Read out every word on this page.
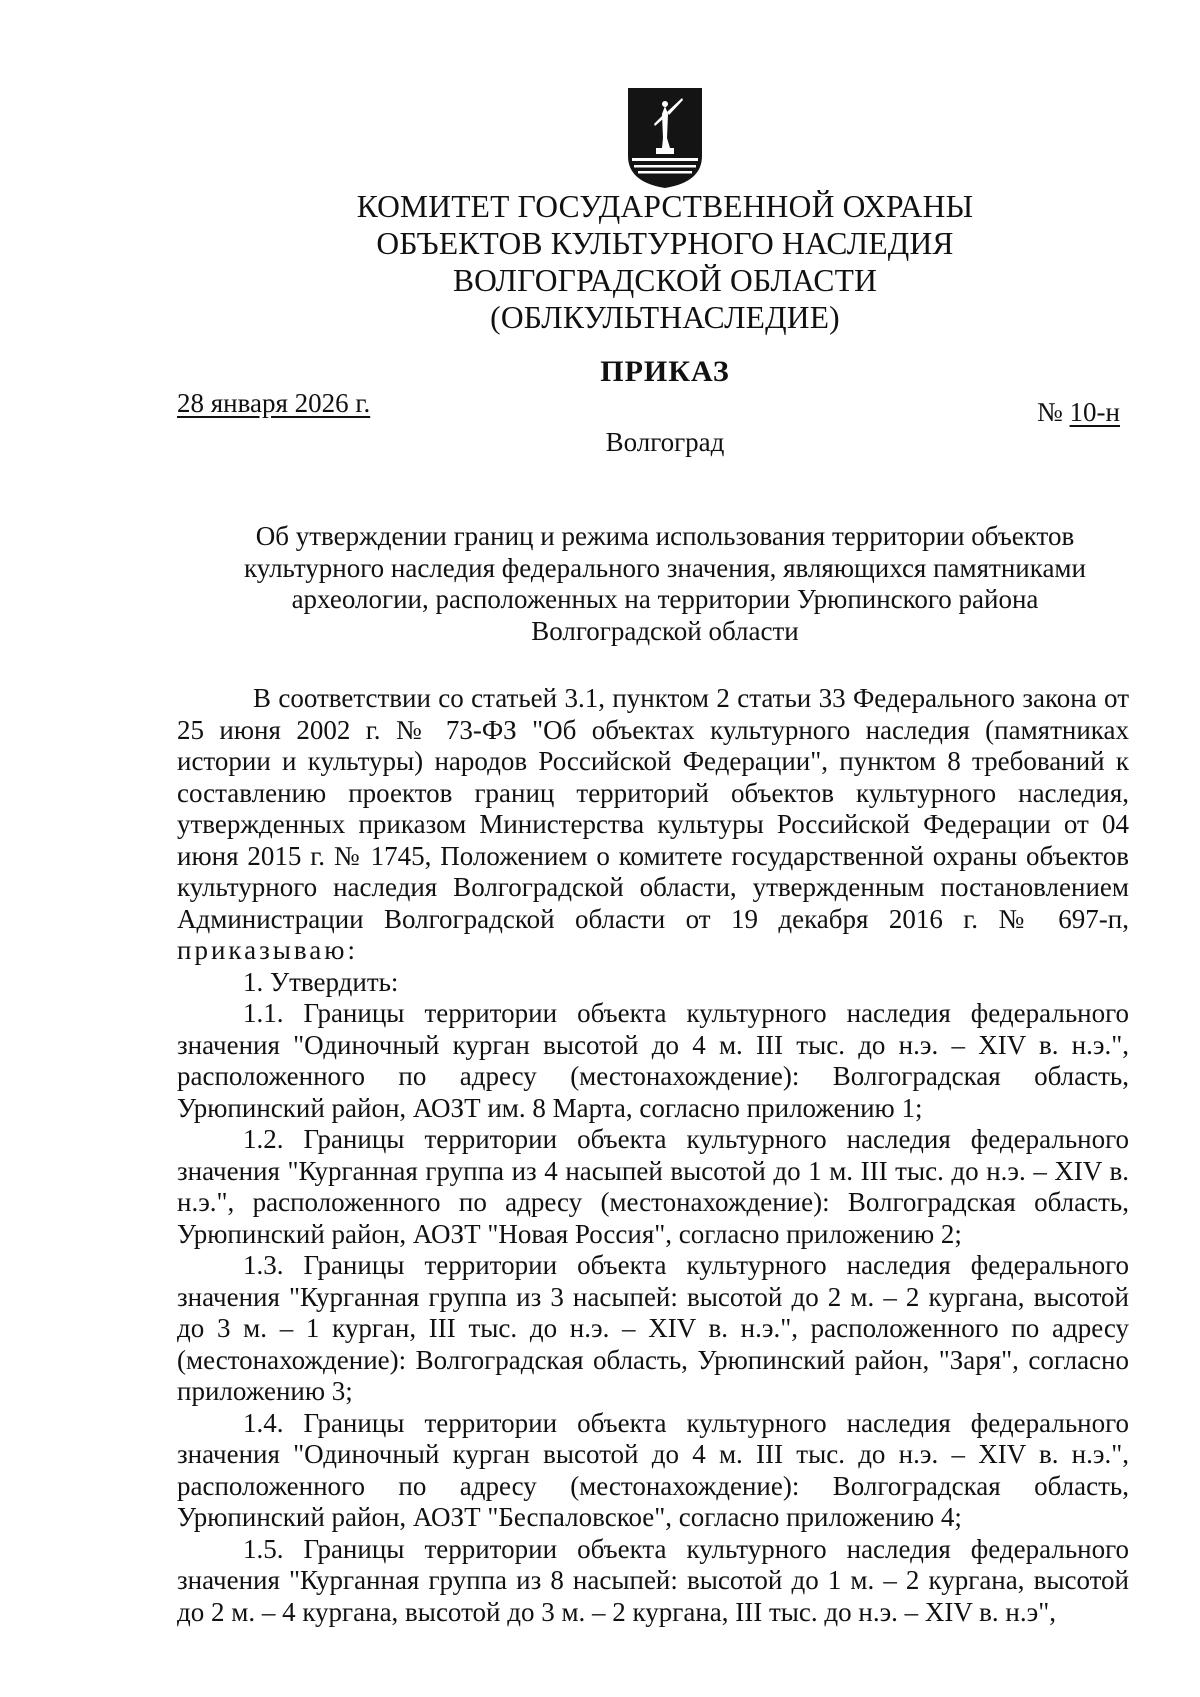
КОМИТЕТ ГОСУДАРСТВЕННОЙ ОХРАНЫ
ОБЪЕКТОВ КУЛЬТУРНОГО НАСЛЕДИЯ
ВОЛГОГРАДСКОЙ ОБЛАСТИ
(ОБЛКУЛЬТНАСЛЕДИЕ)
ПРИКАЗ
28 января 2026 г.	№ 10-н
Волгоград
Об утверждении границ и режима использования территории объектов
культурного наследия федерального значения, являющихся памятниками
археологии, расположенных на территории Урюпинского района
Волгоградской области

В соответствии со статьей 3.1, пунктом 2 статьи 33 Федерального закона от 25 июня 2002 г. № 73-ФЗ "Об объектах культурного наследия (памятниках истории и культуры) народов Российской Федерации", пунктом 8 требований к составлению проектов границ территорий объектов культурного наследия, утвержденных приказом Министерства культуры Российской Федерации от 04 июня 2015 г. № 1745, Положением о комитете государственной охраны объектов культурного наследия Волгоградской области, утвержденным постановлением Администрации Волгоградской области от 19 декабря 2016 г. № 697-п, приказываю:

1. Утвердить:

1.1. Границы территории объекта культурного наследия федерального значения "Одиночный курган высотой до 4 м. III тыс. до н.э. – XIV в. н.э.", расположенного по адресу (местонахождение): Волгоградская область, Урюпинский район, АОЗТ им. 8 Марта, согласно приложению 1;

1.2. Границы территории объекта культурного наследия федерального значения "Курганная группа из 4 насыпей высотой до 1 м. III тыс. до н.э. – XIV в. н.э.", расположенного по адресу (местонахождение): Волгоградская область, Урюпинский район, АОЗТ "Новая Россия", согласно приложению 2;

1.3. Границы территории объекта культурного наследия федерального значения "Курганная группа из 3 насыпей: высотой до 2 м. – 2 кургана, высотой до 3 м. – 1 курган, III тыс. до н.э. – XIV в. н.э.", расположенного по адресу (местонахождение): Волгоградская область, Урюпинский район, "Заря", согласно приложению 3;

1.4. Границы территории объекта культурного наследия федерального значения "Одиночный курган высотой до 4 м. III тыс. до н.э. – XIV в. н.э.", расположенного по адресу (местонахождение): Волгоградская область, Урюпинский район, АОЗТ "Беспаловское", согласно приложению 4;

1.5. Границы территории объекта культурного наследия федерального значения "Курганная группа из 8 насыпей: высотой до 1 м. – 2 кургана, высотой до 2 м. – 4 кургана, высотой до 3 м. – 2 кургана, III тыс. до н.э. – XIV в. н.э",
